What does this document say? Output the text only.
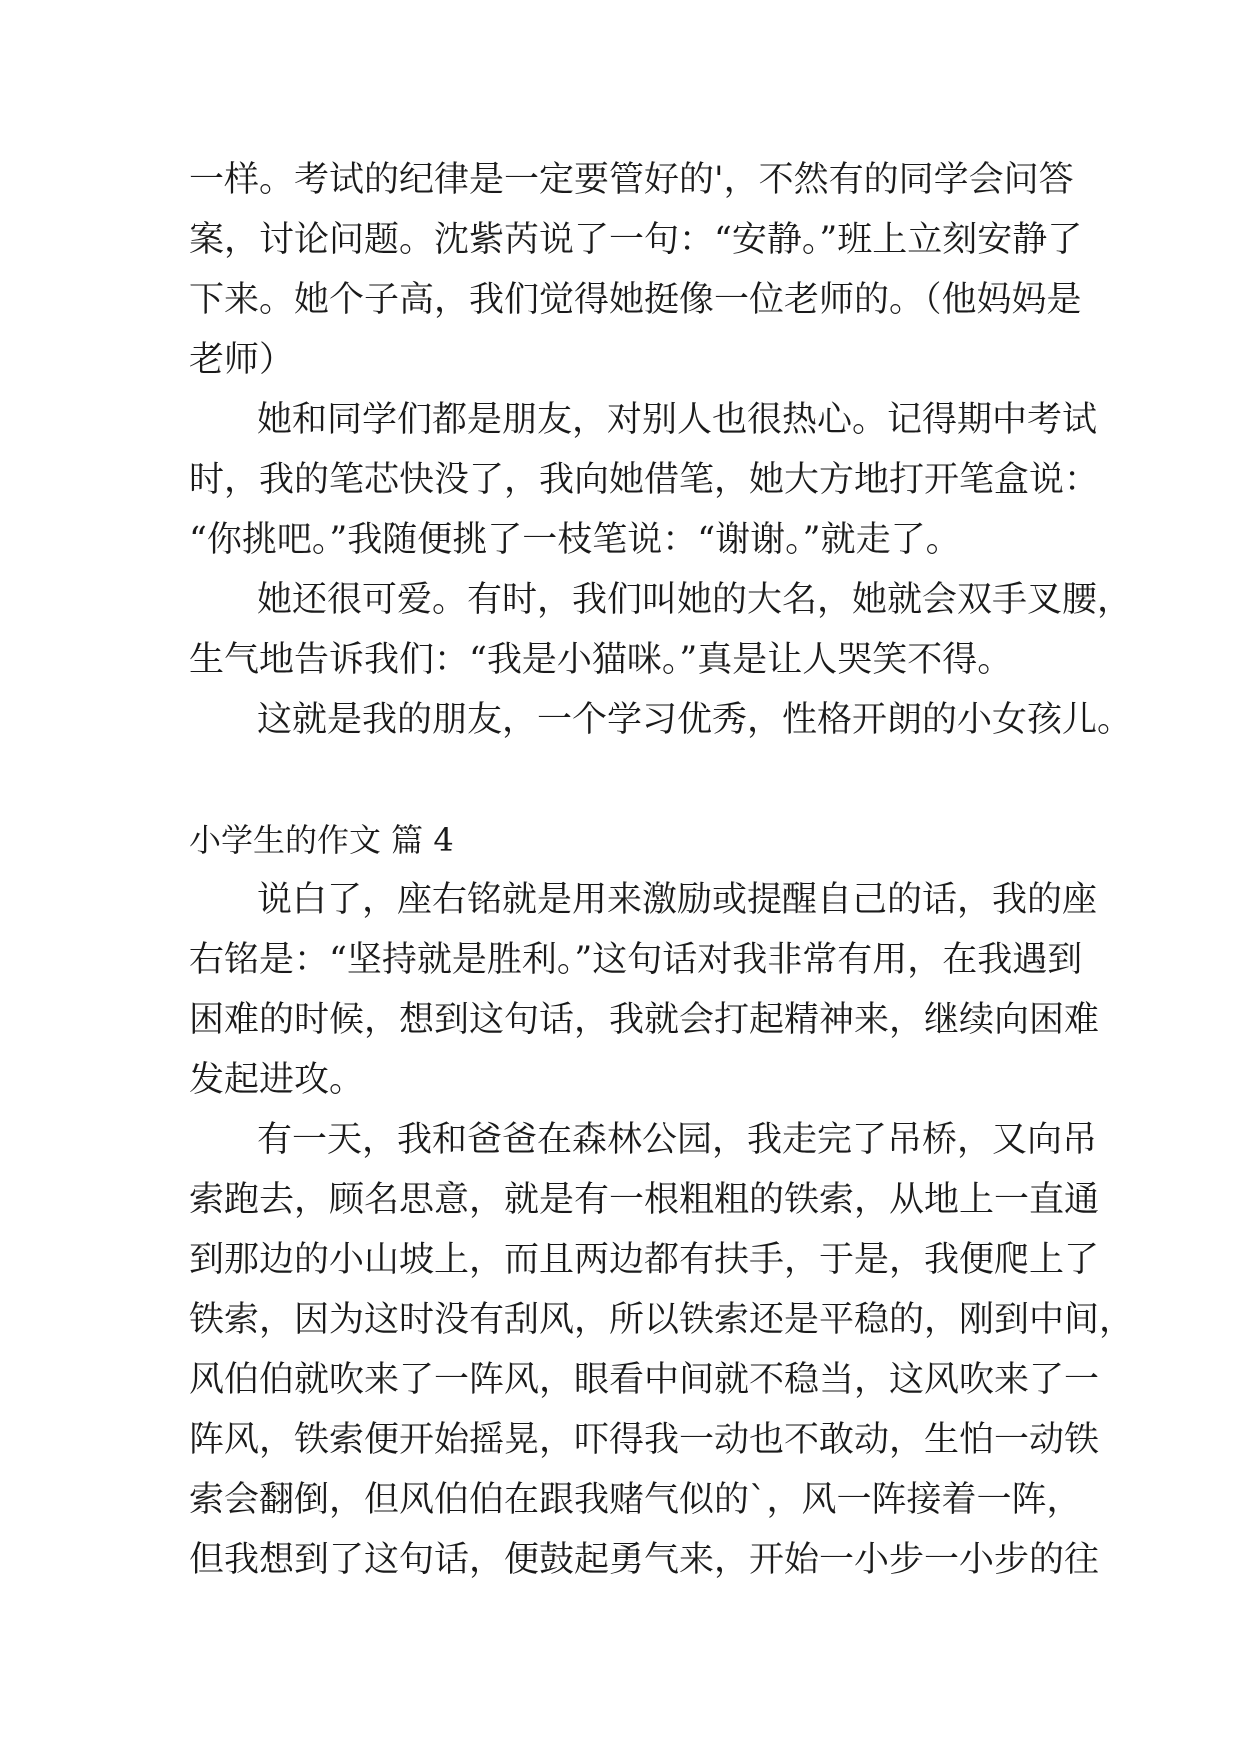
一样。考试的纪律是一定要管好的'，不然有的同学会问答
案，讨论问题。沈紫芮说了一句：“安静。”班上立刻安静了
下来。她个子高，我们觉得她挺像一位老师的。（他妈妈是
老师）
她和同学们都是朋友，对别人也很热心。记得期中考试
时，我的笔芯快没了，我向她借笔，她大方地打开笔盒说：
“你挑吧。”我随便挑了一枝笔说：“谢谢。”就走了。
她还很可爱。有时，我们叫她的大名，她就会双手叉腰，
生气地告诉我们：“我是小猫咪。”真是让人哭笑不得。
这就是我的朋友，一个学习优秀，性格开朗的小女孩儿。
小学生的作文 篇 4
说白了，座右铭就是用来激励或提醒自己的话，我的座
右铭是：“坚持就是胜利。”这句话对我非常有用，在我遇到
困难的时候，想到这句话，我就会打起精神来，继续向困难
发起进攻。
有一天，我和爸爸在森林公园，我走完了吊桥，又向吊
索跑去，顾名思意，就是有一根粗粗的铁索，从地上一直通
到那边的小山坡上，而且两边都有扶手，于是，我便爬上了
铁索，因为这时没有刮风，所以铁索还是平稳的，刚到中间，
风伯伯就吹来了一阵风，眼看中间就不稳当，这风吹来了一
阵风，铁索便开始摇晃，吓得我一动也不敢动，生怕一动铁
索会翻倒，但风伯伯在跟我赌气似的`，风一阵接着一阵，
但我想到了这句话，便鼓起勇气来，开始一小步一小步的往
